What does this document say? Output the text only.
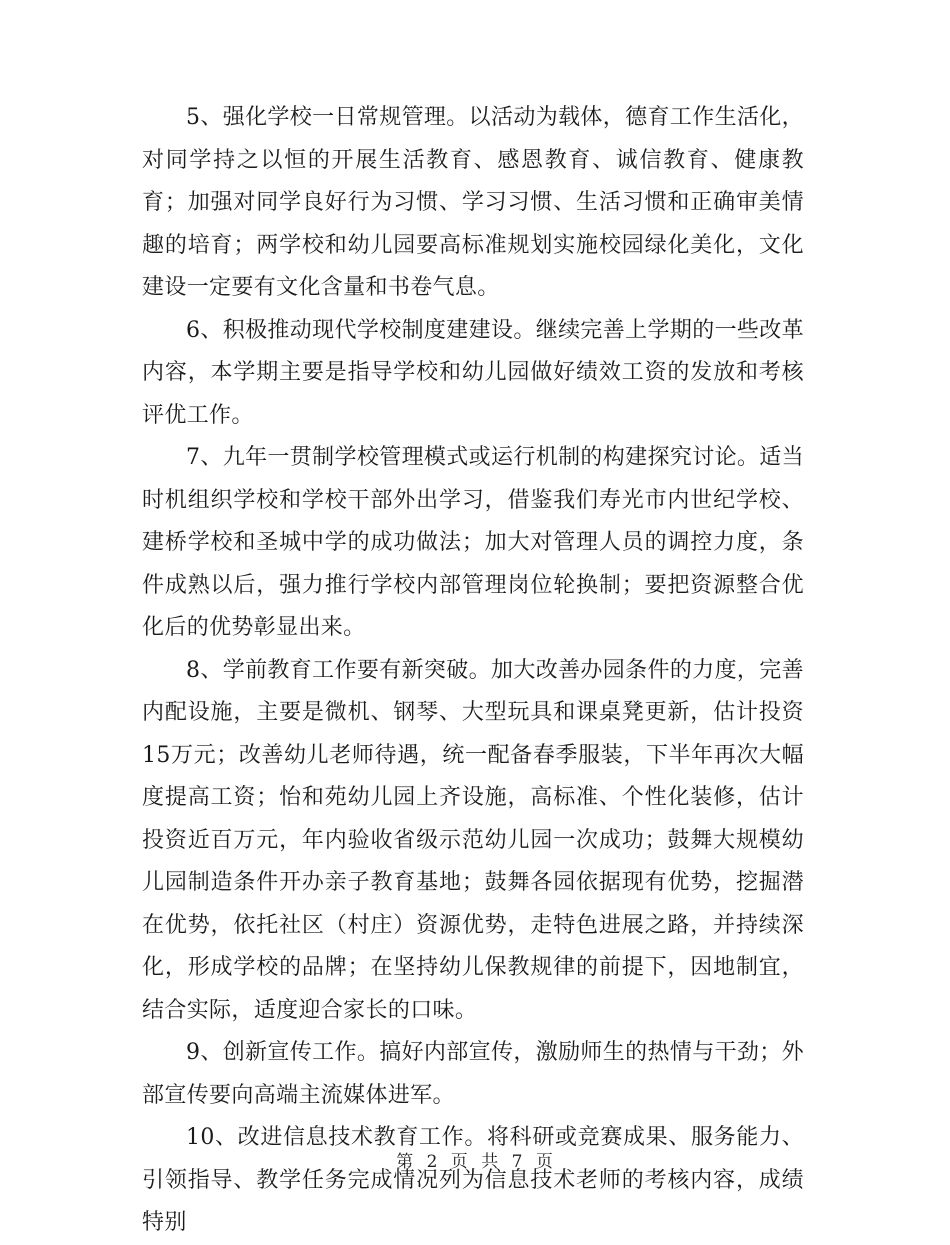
5、强化学校一日常规管理。以活动为载体，德育工作生活化，对同学持之以恒的开展生活教育、感恩教育、诚信教育、健康教育；加强对同学良好行为习惯、学习习惯、生活习惯和正确审美情趣的培育；两学校和幼儿园要高标准规划实施校园绿化美化，文化建设一定要有文化含量和书卷气息。

6、积极推动现代学校制度建建设。继续完善上学期的一些改革内容，本学期主要是指导学校和幼儿园做好绩效工资的发放和考核评优工作。

7、九年一贯制学校管理模式或运行机制的构建探究讨论。适当时机组织学校和学校干部外出学习，借鉴我们寿光市内世纪学校、建桥学校和圣城中学的成功做法；加大对管理人员的调控力度，条件成熟以后，强力推行学校内部管理岗位轮换制；要把资源整合优化后的优势彰显出来。

8、学前教育工作要有新突破。加大改善办园条件的力度，完善内配设施，主要是微机、钢琴、大型玩具和课桌凳更新，估计投资15万元；改善幼儿老师待遇，统一配备春季服装，下半年再次大幅度提高工资；怡和苑幼儿园上齐设施，高标准、个性化装修，估计投资近百万元，年内验收省级示范幼儿园一次成功；鼓舞大规模幼儿园制造条件开办亲子教育基地；鼓舞各园依据现有优势，挖掘潜在优势，依托社区（村庄）资源优势，走特色进展之路，并持续深化，形成学校的品牌；在坚持幼儿保教规律的前提下，因地制宜，结合实际，适度迎合家长的口味。

9、创新宣传工作。搞好内部宣传，激励师生的热情与干劲；外部宣传要向高端主流媒体进军。

10、改进信息技术教育工作。将科研或竞赛成果、服务能力、引领指导、教学任务完成情况列为信息技术老师的考核内容，成绩特别

第 2 页 共 7 页
